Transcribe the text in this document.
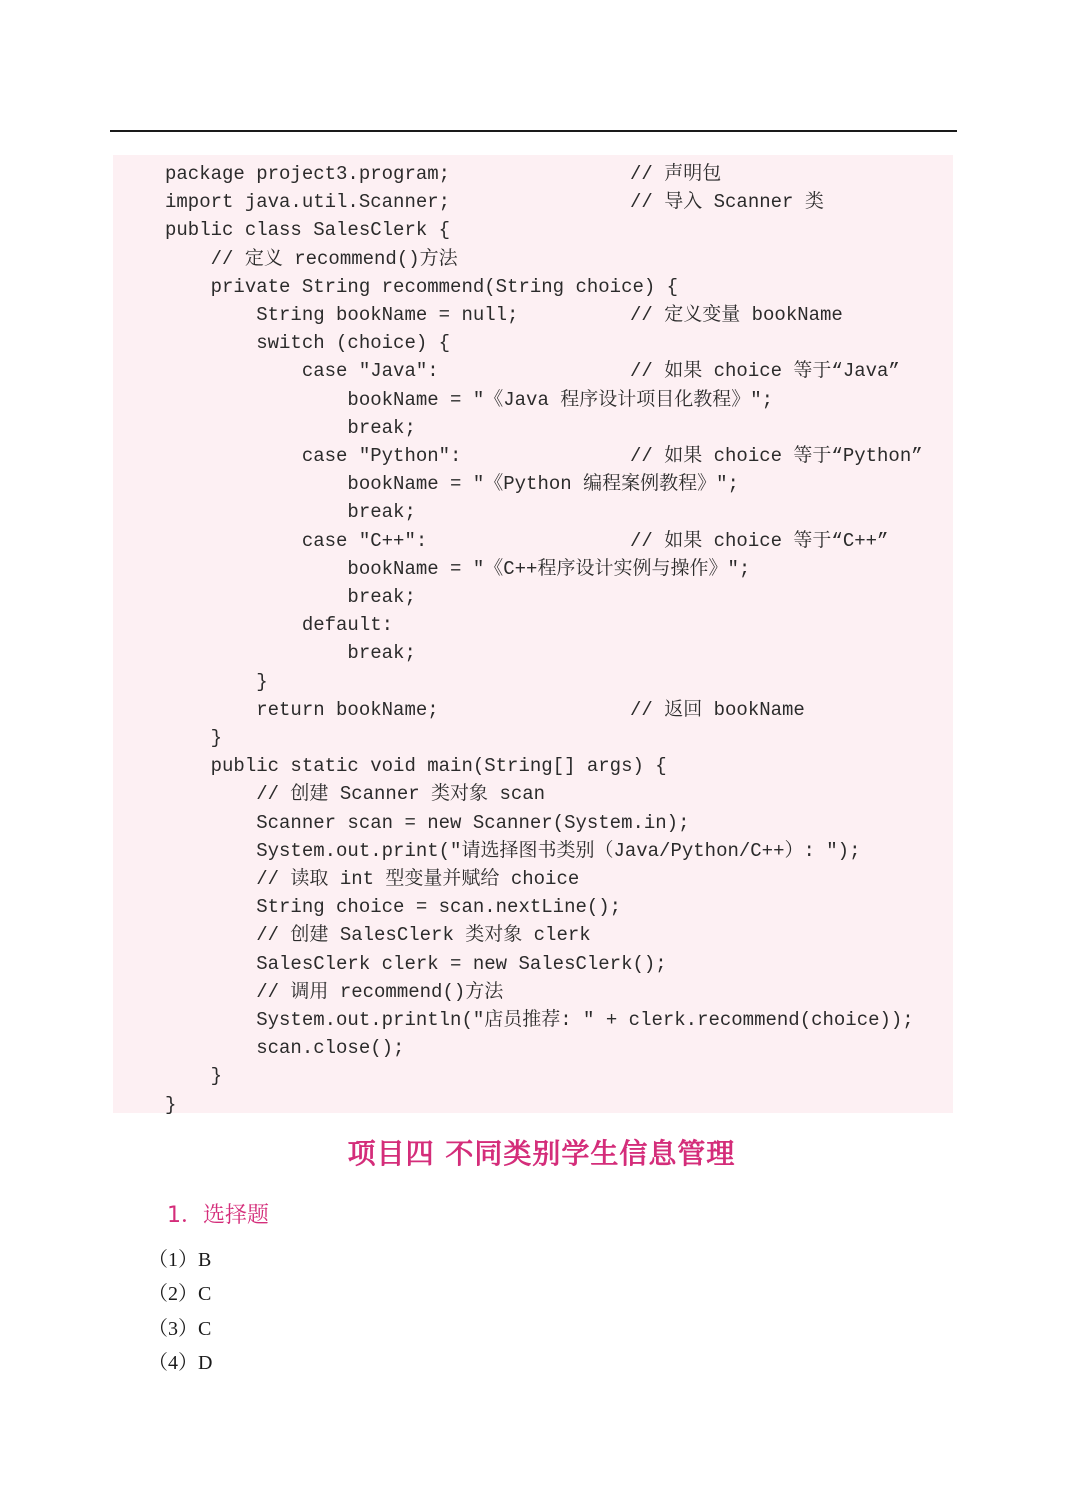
package project3.program;	// 声明包
import java.util.Scanner;	// 导入 Scanner 类
public class SalesClerk {
// 定义 recommend()方法
private String recommend(String choice) {
String bookName = null;	// 定义变量 bookName
switch (choice) {
case "Java":	// 如果 choice 等于“Java”
bookName = "《Java 程序设计项目化教程》";
break;
case "Python":	// 如果 choice 等于“Python”
bookName = "《Python 编程案例教程》";
break;
case "C++":	// 如果 choice 等于“C++”
bookName = "《C++程序设计实例与操作》";
break;
default:
break;
}
return bookName;	// 返回 bookName
}
public static void main(String[] args) {
// 创建 Scanner 类对象 scan
Scanner scan = new Scanner(System.in);
System.out.print("请选择图书类别（Java/Python/C++）: ");
// 读取 int 型变量并赋给 choice
String choice = scan.nextLine();
// 创建 SalesClerk 类对象 clerk
SalesClerk clerk = new SalesClerk();
// 调用 recommend()方法
System.out.println("店员推荐: " + clerk.recommend(choice));
scan.close();
}
}
项目四 不同类别学生信息管理
1．选择题
（1）B
（2）C
（3）C
（4）D
